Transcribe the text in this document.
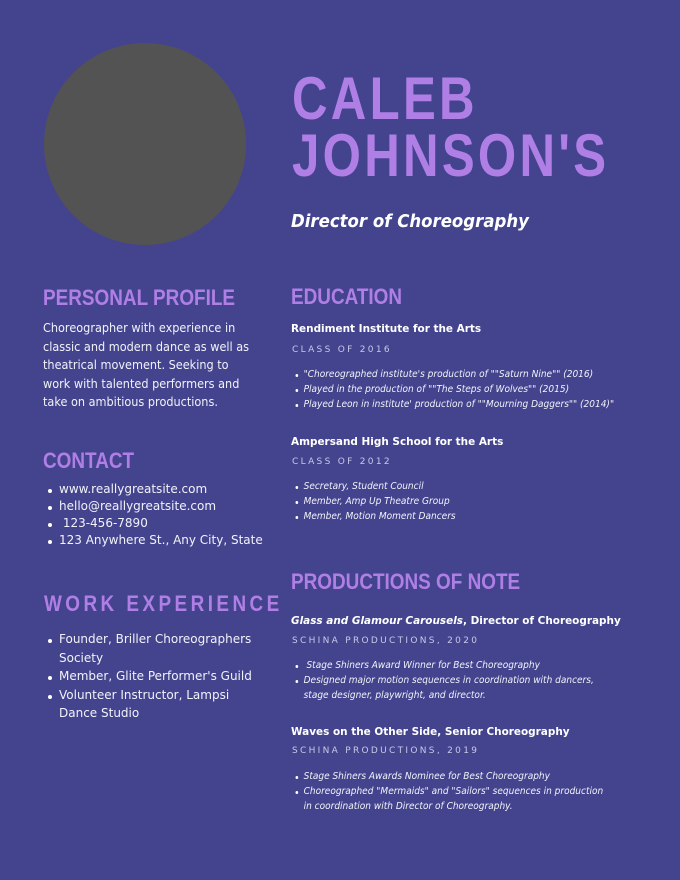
CALEB
JOHNSON'S
Director of Choreography
PERSONAL PROFILE
Choreographer with experience in classic and modern dance as well as theatrical movement. Seeking to work with talented performers and take on ambitious productions.
CONTACT
www.reallygreatsite.com
hello@reallygreatsite.com
123-456-7890
123 Anywhere St., Any City, State
WORK EXPERIENCE
Founder, Briller Choreographers Society
Member, Glite Performer's Guild
Volunteer Instructor, Lampsi Dance Studio
EDUCATION
Rendiment Institute for the Arts
CLASS OF 2016
"Choreographed institute's production of ""Saturn Nine"" (2016)
Played in the production of ""The Steps of Wolves"" (2015)
Played Leon in institute' production of ""Mourning Daggers"" (2014)"
Ampersand High School for the Arts
CLASS OF 2012
Secretary, Student Council
Member, Amp Up Theatre Group
Member, Motion Moment Dancers
PRODUCTIONS OF NOTE
Glass and Glamour Carousels, Director of Choreography
SCHINA PRODUCTIONS, 2020
Stage Shiners Award Winner for Best Choreography
Designed major motion sequences in coordination with dancers, stage designer, playwright, and director.
Waves on the Other Side, Senior Choreography
SCHINA PRODUCTIONS, 2019
Stage Shiners Awards Nominee for Best Choreography
Choreographed "Mermaids" and "Sailors" sequences in production in coordination with Director of Choreography.
